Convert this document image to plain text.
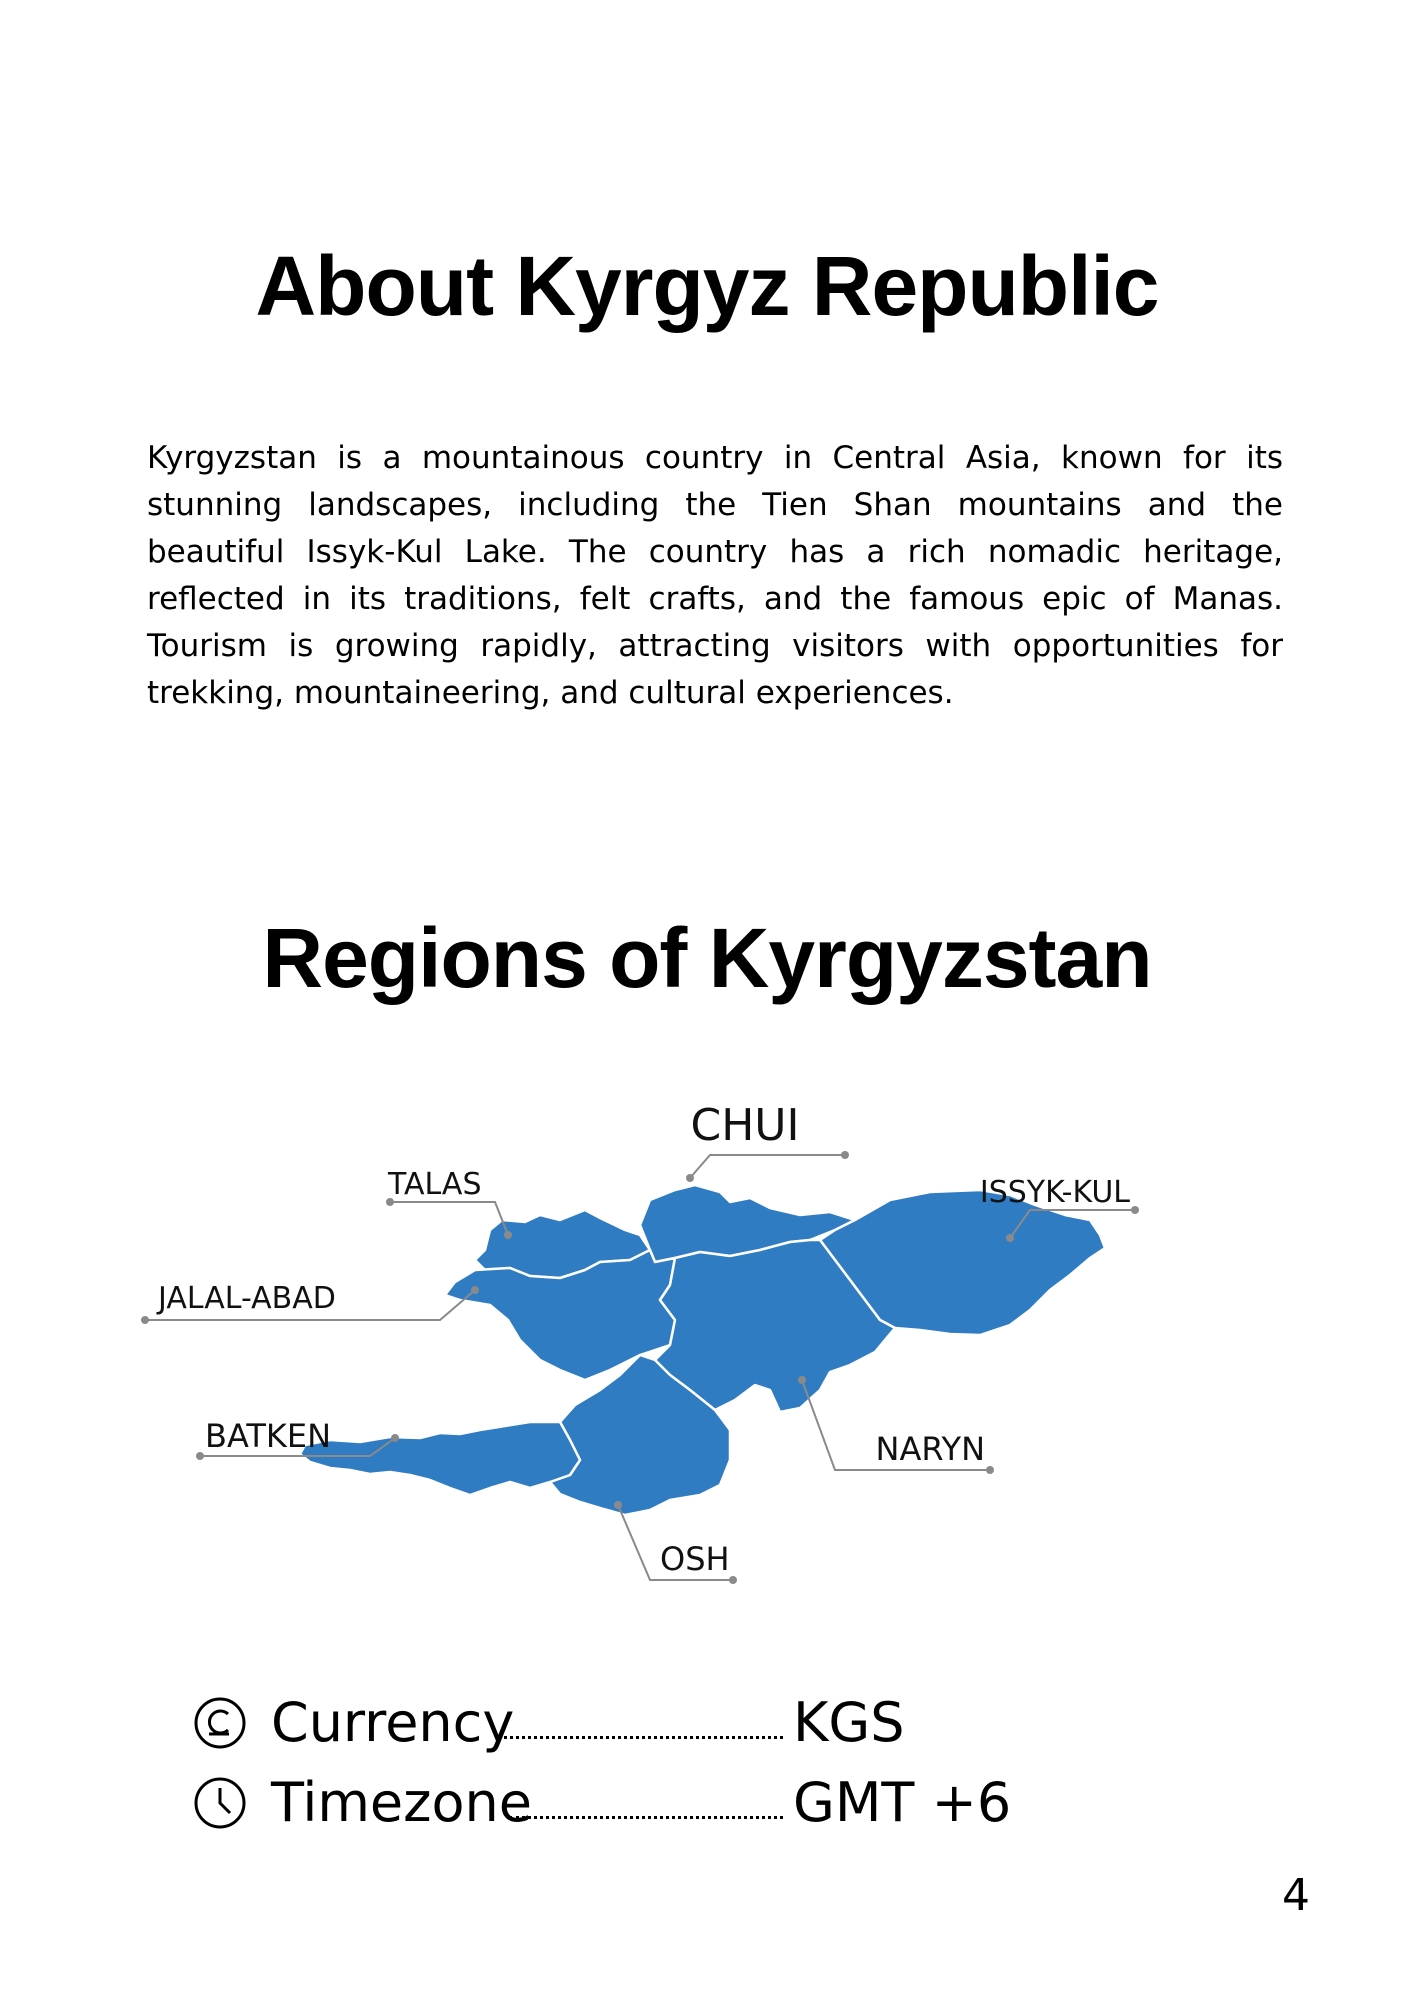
About Kyrgyz Republic

Kyrgyzstan is a mountainous country in Central Asia, known for its stunning landscapes, including the Tien Shan mountains and the beautiful Issyk-Kul Lake. The country has a rich nomadic heritage, reflected in its traditions, felt crafts, and the famous epic of Manas. Tourism is growing rapidly, attracting visitors with opportunities for trekking, mountaineering, and cultural experiences.

Regions of Kyrgyzstan
CHUI
TALAS	ISSYK-KUL
JALAL-ABAD
BATKEN	NARYN
OSH
Currency	KGS
Timezone	GMT +6
4
